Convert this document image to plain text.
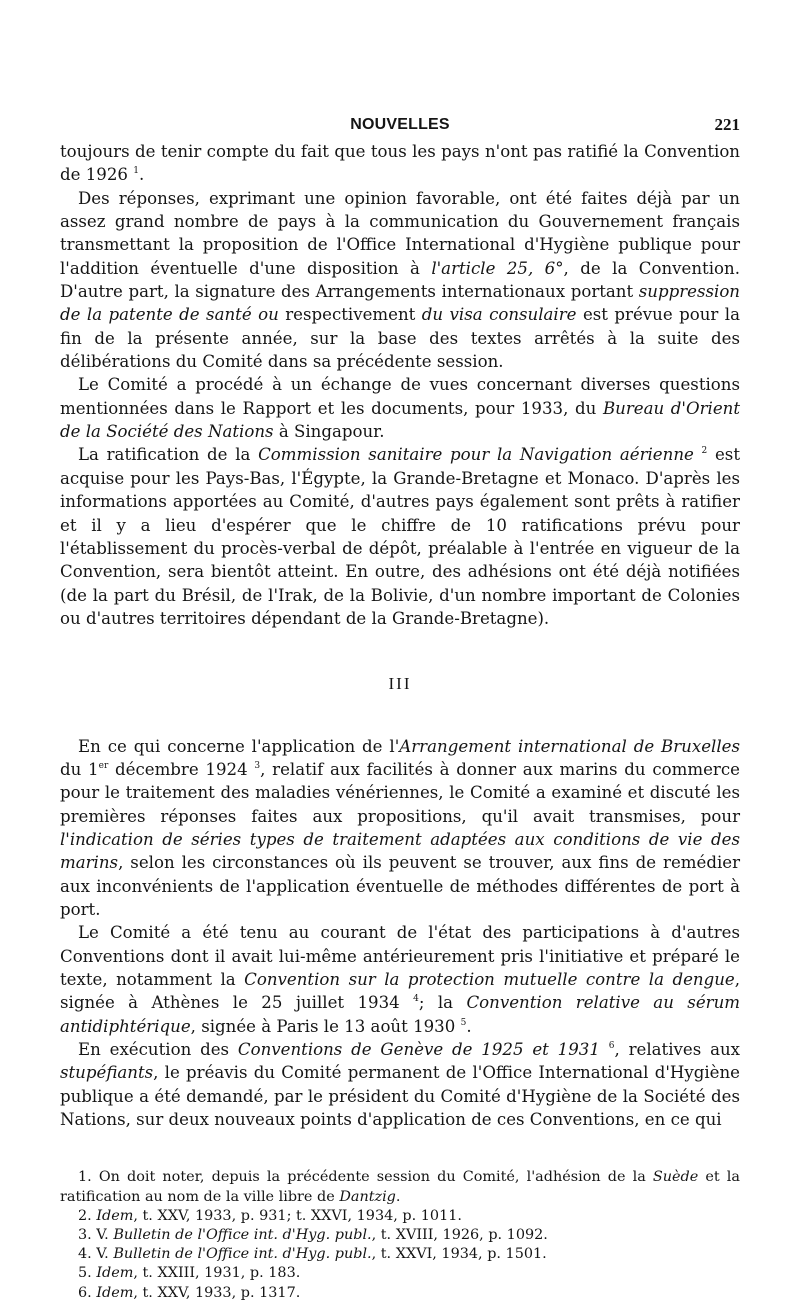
NOUVELLES	221

toujours de tenir compte du fait que tous les pays n'ont pas ratifié la Convention de 1926 $^1$.

Des réponses, exprimant une opinion favorable, ont été faites déjà par un assez grand nombre de pays à la communication du Gouvernement français transmettant la proposition de l'Office International d'Hygiène publique pour l'addition éventuelle d'une disposition à l'article 25, 6°, de la Convention. D'autre part, la signature des Arrangements internationaux portant suppression de la patente de santé ou respectivement du visa consulaire est prévue pour la fin de la présente année, sur la base des textes arrêtés à la suite des délibérations du Comité dans sa précédente session.

Le Comité a procédé à un échange de vues concernant diverses questions mentionnées dans le Rapport et les documents, pour 1933, du Bureau d'Orient de la Société des Nations à Singapour.

La ratification de la Commission sanitaire pour la Navigation aérienne $^2$ est acquise pour les Pays-Bas, l'Égypte, la Grande-Bretagne et Monaco. D'après les informations apportées au Comité, d'autres pays également sont prêts à ratifier et il y a lieu d'espérer que le chiffre de 10 ratifications prévu pour l'établissement du procès-verbal de dépôt, préalable à l'entrée en vigueur de la Convention, sera bientôt atteint. En outre, des adhésions ont été déjà notifiées (de la part du Brésil, de l'Irak, de la Bolivie, d'un nombre important de Colonies ou d'autres territoires dépendant de la Grande-Bretagne).

III

En ce qui concerne l'application de l'Arrangement international de Bruxelles du 1er décembre 1924 $^3$, relatif aux facilités à donner aux marins du commerce pour le traitement des maladies vénériennes, le Comité a examiné et discuté les premières réponses faites aux propositions, qu'il avait transmises, pour l'indication de séries types de traitement adaptées aux conditions de vie des marins, selon les circonstances où ils peuvent se trouver, aux fins de remédier aux inconvénients de l'application éventuelle de méthodes différentes de port à port.

Le Comité a été tenu au courant de l'état des participations à d'autres Conventions dont il avait lui-même antérieurement pris l'initiative et préparé le texte, notamment la Convention sur la protection mutuelle contre la dengue, signée à Athènes le 25 juillet 1934 $^4$; la Convention relative au sérum antidiphtérique, signée à Paris le 13 août 1930 $^5$.

En exécution des Conventions de Genève de 1925 et 1931 $^6$, relatives aux stupéfiants, le préavis du Comité permanent de l'Office International d'Hygiène publique a été demandé, par le président du Comité d'Hygiène de la Société des Nations, sur deux nouveaux points d'application de ces Conventions, en ce qui

1. On doit noter, depuis la précédente session du Comité, l'adhésion de la Suède et la ratification au nom de la ville libre de Dantzig.

2. Idem, t. XXV, 1933, p. 931; t. XXVI, 1934, p. 1011.

3. V. Bulletin de l'Office int. d'Hyg. publ., t. XVIII, 1926, p. 1092.

4. V. Bulletin de l'Office int. d'Hyg. publ., t. XXVI, 1934, p. 1501.

5. Idem, t. XXIII, 1931, p. 183.

6. Idem, t. XXV, 1933, p. 1317.
